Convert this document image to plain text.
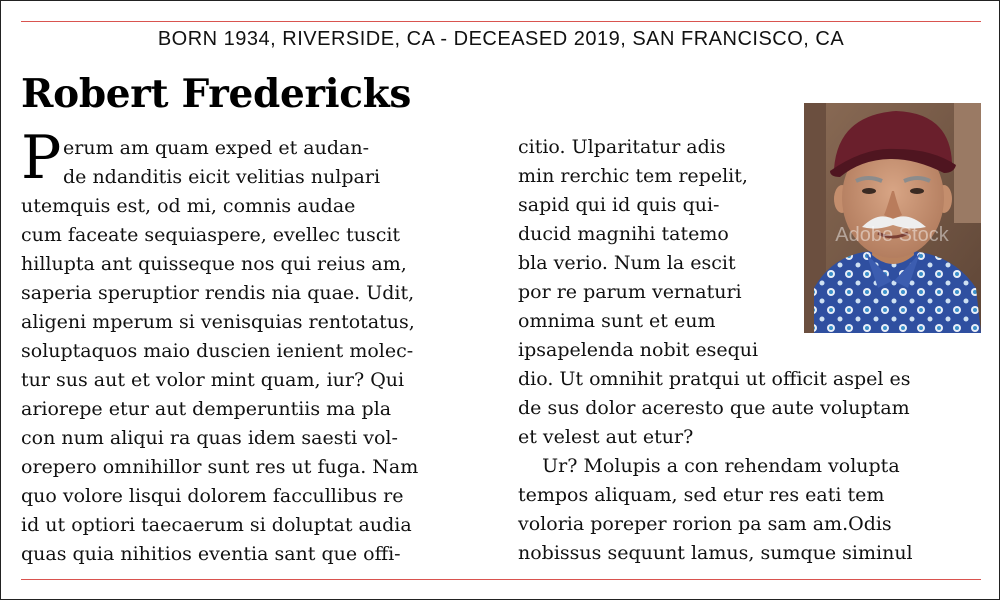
BORN 1934, RIVERSIDE, CA - DECEASED 2019, SAN FRANCISCO, CA
Robert Fredericks
P erum am quam exped et audan-
de ndanditis eicit velitias nulpari
utemquis est, od mi, comnis audae
cum faceate sequiaspere, evellec tuscit
hillupta ant quisseque nos qui reius am,
saperia speruptior rendis nia quae. Udit,
aligeni mperum si venisquias rentotatus,
soluptaquos maio duscien ienient molec-
tur sus aut et volor mint quam, iur? Qui
ariorepe etur aut demperuntiis ma pla
con num aliqui ra quas idem saesti vol-
orepero omnihillor sunt res ut fuga. Nam
quo volore lisqui dolorem faccullibus re
id ut optiori taecaerum si doluptat audia
quas quia nihitios eventia sant que offi-
citio. Ulparitatur adis
min rerchic tem repelit,
sapid qui id quis qui-
ducid magnihi tatemo
bla verio. Num la escit
por re parum vernaturi
omnima sunt et eum
ipsapelenda nobit esequi
dio. Ut omnihit pratqui ut officit aspel es
de sus dolor aceresto que aute voluptam
et velest aut etur?
Ur? Molupis a con rehendam volupta
tempos aliquam, sed etur res eati tem
voloria poreper rorion pa sam am.Odis
nobissus sequunt lamus, sumque siminul
Adobe Stock
